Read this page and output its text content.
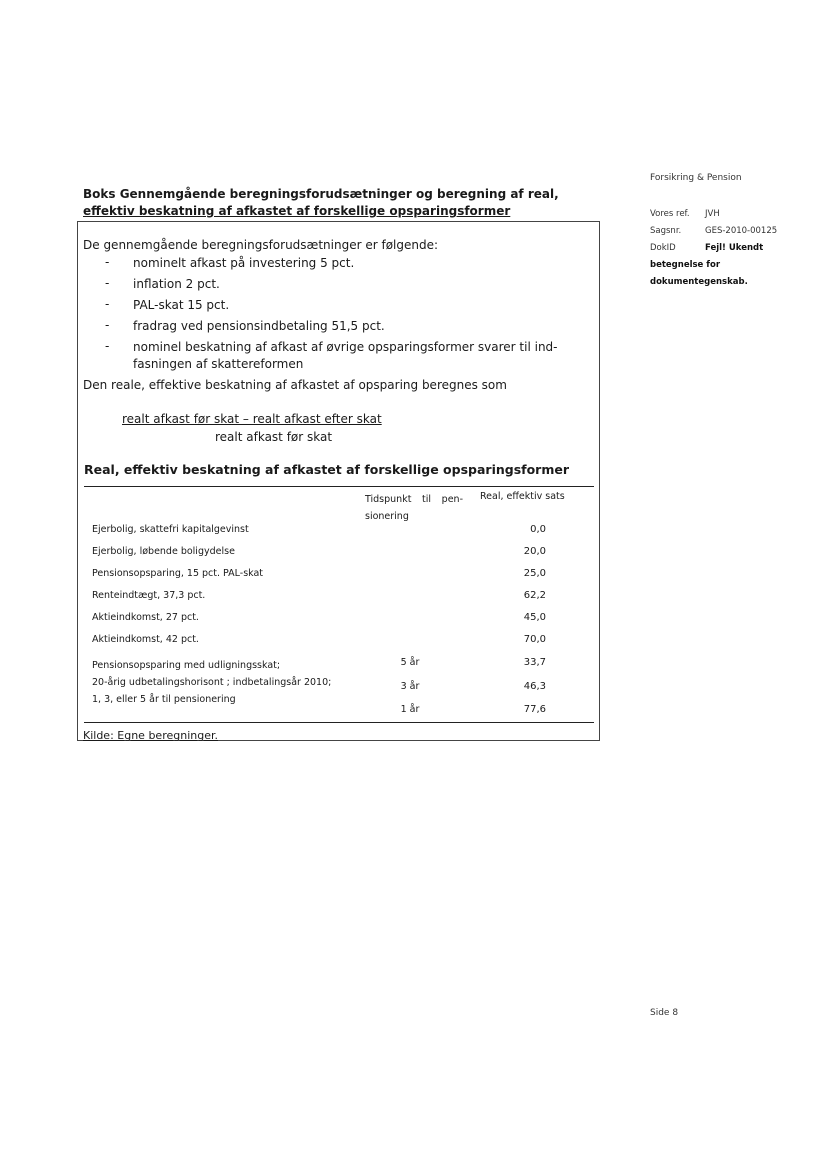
Forsikring & Pension
Vores ref.	JVH
Sagsnr.	GES-2010-00125
DokID	Fejl! Ukendt
betegnelse for
dokumentegenskab.
Boks Gennemgående beregningsforudsætninger og beregning af real,
effektiv beskatning af afkastet af forskellige opsparingsformer
De gennemgående beregningsforudsætninger er følgende:
-	nominelt afkast på investering 5 pct.
-	inflation 2 pct.
-	PAL-skat 15 pct.
-	fradrag ved pensionsindbetaling 51,5 pct.
-	nominel beskatning af afkast af øvrige opsparingsformer svarer til ind-fasningen af skattereformen
Den reale, effektive beskatning af afkastet af opsparing beregnes som
realt afkast før skat – realt afkast efter skat
realt afkast før skat
Real, effektiv beskatning af afkastet af forskellige opsparingsformer
Tidspunkt til pen-sionering
Real, effektiv sats
Ejerbolig, skattefri kapitalgevinst	0,0
Ejerbolig, løbende boligydelse	20,0
Pensionsopsparing, 15 pct. PAL-skat	25,0
Renteindtægt, 37,3 pct.	62,2
Aktieindkomst, 27 pct.	45,0
Aktieindkomst, 42 pct.	70,0
Pensionsopsparing med udligningsskat;
20-årig udbetalingshorisont ; indbetalingsår 2010;
1, 3, eller 5 år til pensionering
5 år	33,7
3 år	46,3
1 år	77,6
Kilde: Egne beregninger.
Side 8
